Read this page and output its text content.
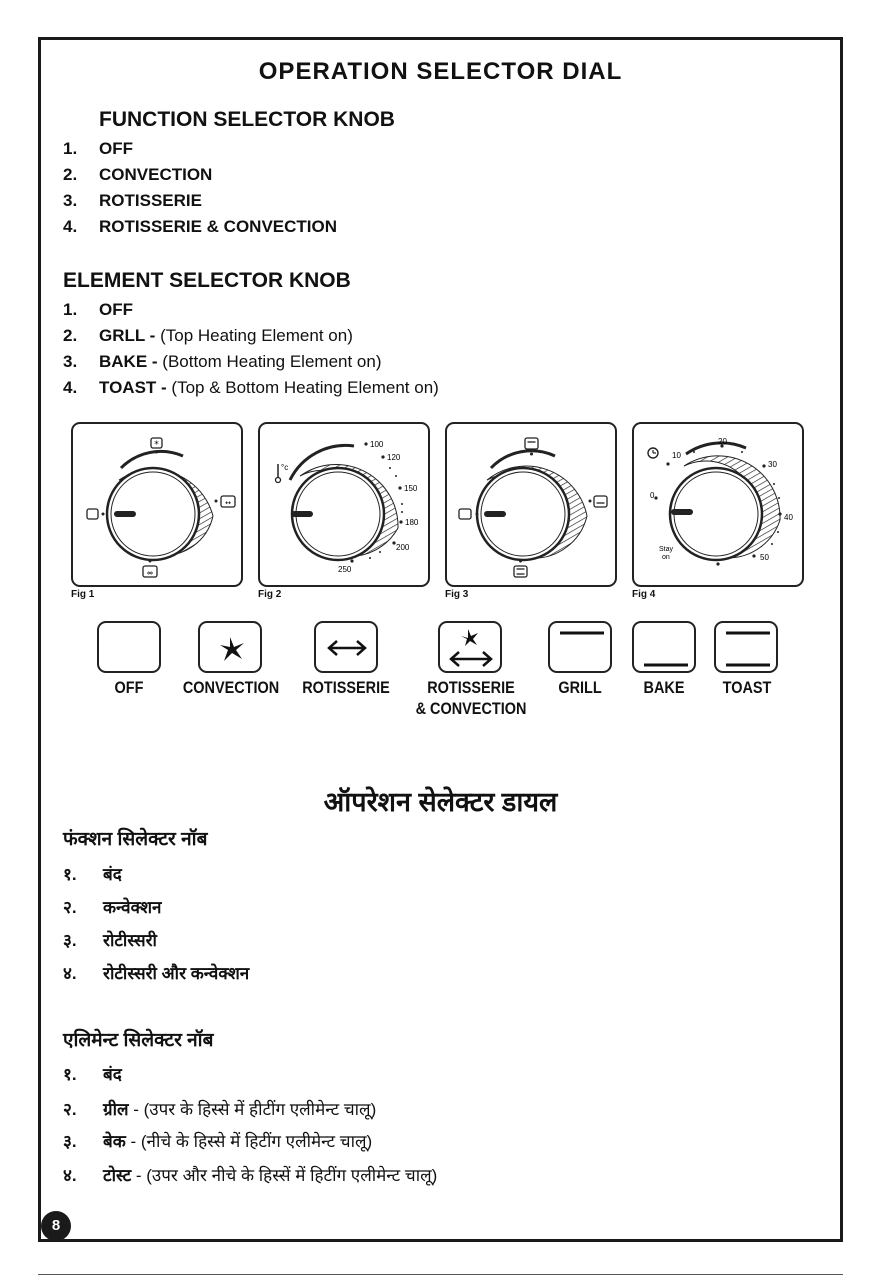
OPERATION SELECTOR DIAL
FUNCTION SELECTOR KNOB
1. OFF
2. CONVECTION
3. ROTISSERIE
4. ROTISSERIE & CONVECTION
ELEMENT SELECTOR KNOB
1. OFF
2. GRLL - (Top Heating Element on)
3. BAKE - (Bottom Heating Element on)
4. TOAST - (Top & Bottom Heating Element on)
*
↔
⤄
°c
100
120
150
180
200
250
0
10
20
30
40
50
Stay
on
Fig 1	Fig 2	Fig 3	Fig 4
OFF	CONVECTION ROTISSERIE	ROTISSERIE
& CONVECTION
GRILL	BAKE	TOAST
ऑपरेशन सेलेक्टर डायल
फंक्शन सिलेक्टर नॉब
१. बंद
२. कन्वेक्शन
३. रोटीस्सरी
४. रोटीस्सरी और कन्वेक्शन
एलिमेन्ट सिलेक्टर नॉब
१. बंद
२. ग्रील - (उपर के हिस्से में हीटींग एलीमेन्ट चालू)
३. बेक - (नीचे के हिस्से में हिटींग एलीमेन्ट चालू)
४. टोस्ट - (उपर और नीचे के हिस्सें में हिटींग एलीमेन्ट चालू)
8
